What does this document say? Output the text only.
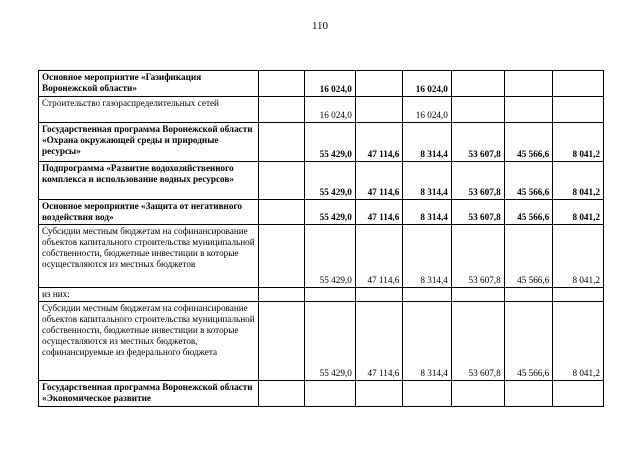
110
Основное мероприятие «Газификация Воронежской области»		16 024,0		16 024,0			
Строительство газораспределительных сетей		16 024,0		16 024,0			
Государственная программа Воронежской области «Охрана окружающей среды и природные ресурсы»		55 429,0	47 114,6	8 314,4	53 607,8	45 566,6	8 041,2
Подпрограмма «Развитие водохозяйственного комплекса и использование водных ресурсов»		55 429,0	47 114,6	8 314,4	53 607,8	45 566,6	8 041,2
Основное мероприятие «Защита от негативного воздействия вод»		55 429,0	47 114,6	8 314,4	53 607,8	45 566,6	8 041,2
Субсидии местным бюджетам на софинансирование объектов капитального строительства муниципальной собственности, бюджетные инвестиции в которые осуществляются из местных бюджетов		55 429,0	47 114,6	8 314,4	53 607,8	45 566,6	8 041,2
из них:							
Субсидии местным бюджетам на софинансирование объектов капитального строительства муниципальной собственности, бюджетные инвестиции в которые осуществляются из местных бюджетов, софинансируемые из федерального бюджета		55 429,0	47 114,6	8 314,4	53 607,8	45 566,6	8 041,2
Государственная программа Воронежской области «Экономическое развитие							
